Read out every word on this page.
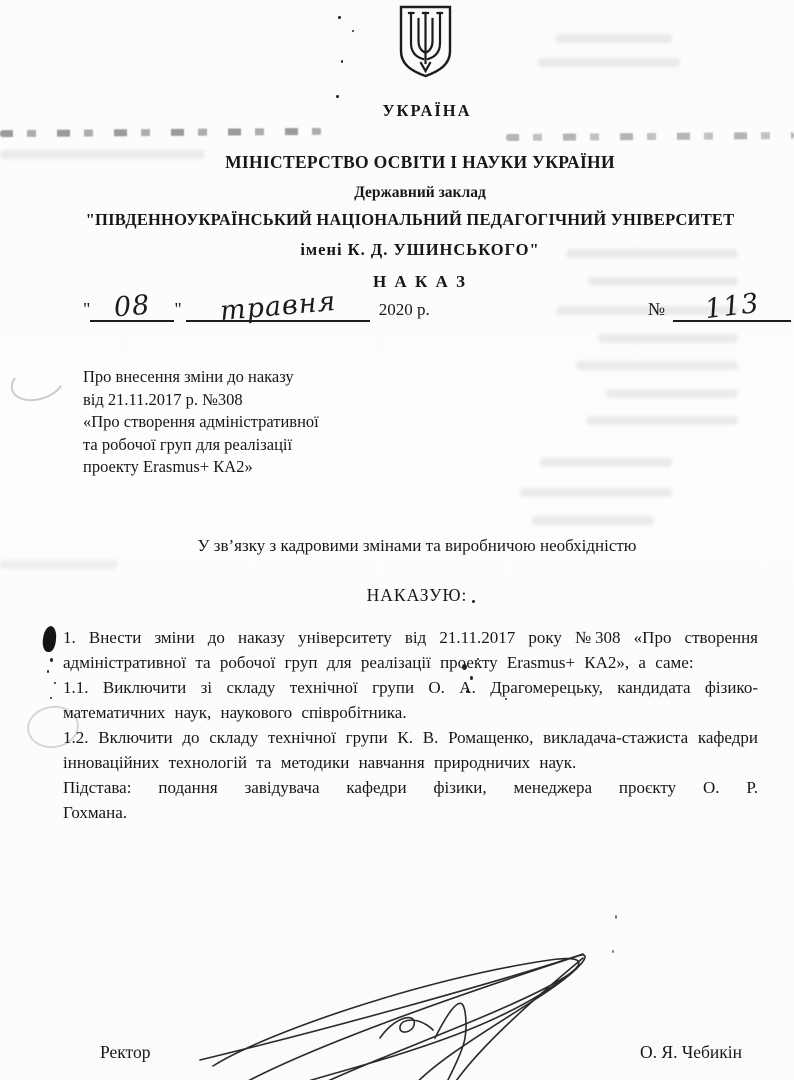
УКРАЇНА
МІНІСТЕРСТВО ОСВІТИ І НАУКИ УКРАЇНИ
Державний заклад
"ПІВДЕННОУКРАЇНСЬКИЙ НАЦІОНАЛЬНИЙ ПЕДАГОГІЧНИЙ УНІВЕРСИТЕТ
імені К. Д. УШИНСЬКОГО"
Н А К А З
" 08	"	травня	2020 р.	№	113
Про внесення зміни до наказу
від 21.11.2017 р. №308
«Про створення адміністративної
та робочої груп для реалізації
проекту Erasmus+ КА2»
У зв’язку з кадровими змінами та виробничою необхідністю
НАКАЗУЮ:

1. Внести зміни до наказу університету від 21.11.2017 року №308 «Про створення адміністративної та робочої груп для реалізації проекту Erasmus+ КА2», а саме:

1.1. Виключити зі складу технічної групи О. А. Драгомерецьку, кандидата фізико-математичних наук, наукового співробітника.

1.2. Включити до складу технічної групи К. В. Ромащенко, викладача-стажиста кафедри інноваційних технологій та методики навчання природничих наук.

Підстава: подання завідувача кафедри фізики, менеджера проєкту О. Р. Гохмана.

Ректор	О. Я. Чебикін
